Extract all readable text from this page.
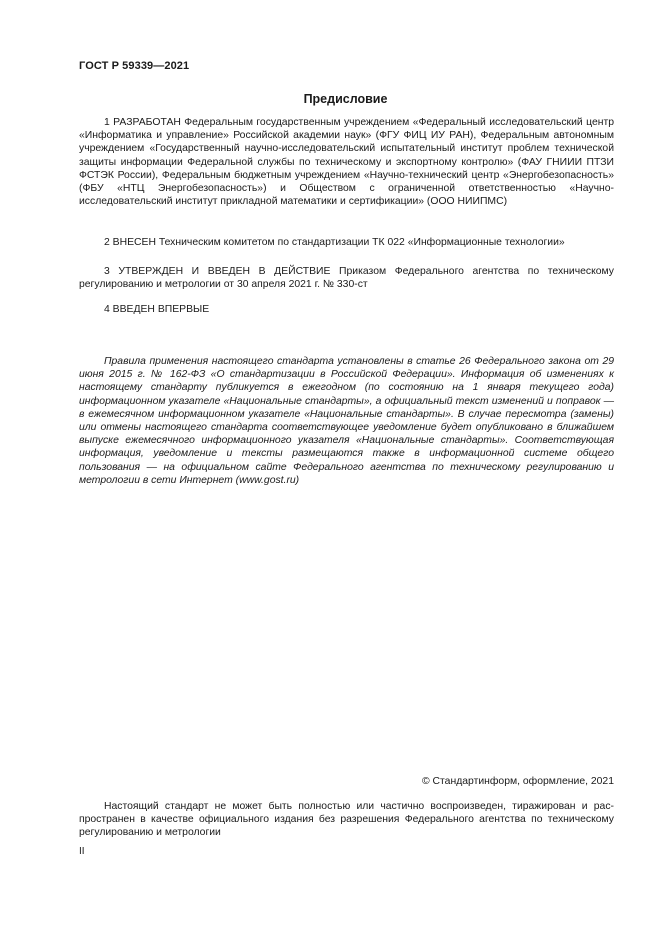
ГОСТ Р 59339—2021
Предисловие

1 РАЗРАБОТАН Федеральным государственным учреждением «Федеральный исследовательский центр «Информатика и управление» Российской академии наук» (ФГУ ФИЦ ИУ РАН), Федеральным автономным учреждением «Государственный научно-исследовательский испытательный институт проблем технической защиты информации Федеральной службы по техническому и экспортному контролю» (ФАУ ГНИИИ ПТЗИ ФСТЭК России), Федеральным бюджетным учреждением «Научно-технический центр «Энергобезопасность» (ФБУ «НТЦ Энергобезопасность») и Обществом с ограниченной ответственностью «Научно-исследовательский институт прикладной математики и сертификации» (ООО НИИПМС)

2 ВНЕСЕН Техническим комитетом по стандартизации ТК 022 «Информационные технологии»

3 УТВЕРЖДЕН И ВВЕДЕН В ДЕЙСТВИЕ Приказом Федерального агентства по техническому регулированию и метрологии от 30 апреля 2021 г. № 330-ст

4 ВВЕДЕН ВПЕРВЫЕ

Правила применения настоящего стандарта установлены в статье 26 Федерального закона от 29 июня 2015 г. № 162-ФЗ «О стандартизации в Российской Федерации». Информация об изменениях к настоящему стандарту публикуется в ежегодном (по состоянию на 1 января текущего года) информационном указателе «Национальные стандарты», а официальный текст изменений и поправок — в ежемесячном информационном указателе «Национальные стандарты». В случае пересмотра (замены) или отмены настоящего стандарта соответствующее уведомление будет опубликовано в ближайшем выпуске ежемесячного информационного указателя «Национальные стандарты». Соответствующая информация, уведомление и тексты размещаются также в информационной системе общего пользования — на официальном сайте Федерального агентства по техническому регулированию и метрологии в сети Интернет (www.gost.ru)

© Стандартинформ, оформление, 2021

Настоящий стандарт не может быть полностью или частично воспроизведен, тиражирован и распространен в качестве официального издания без разрешения Федерального агентства по техническому регулированию и метрологии

II
